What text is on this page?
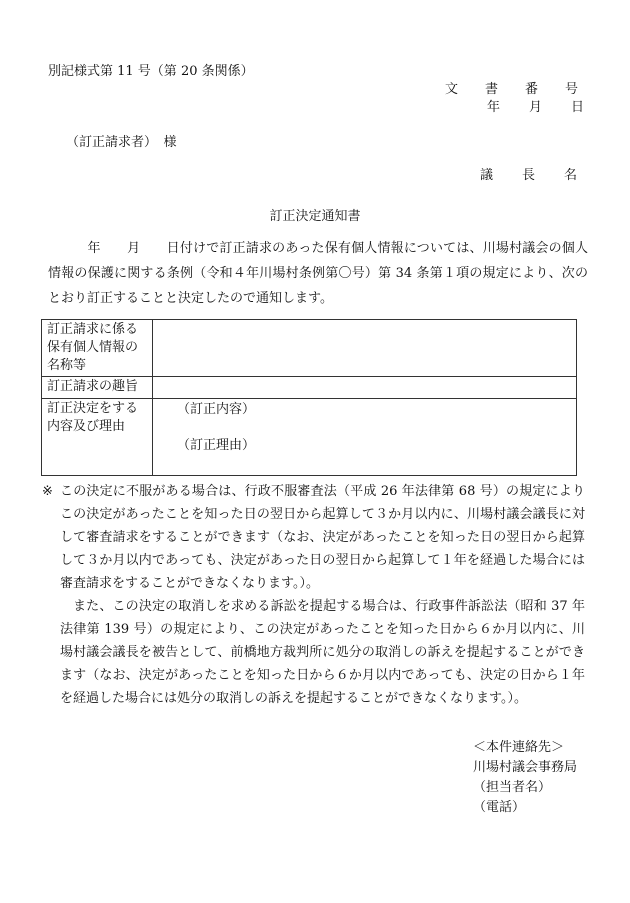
別記様式第 11 号（第 20 条関係）
文　書　番　号
年　　月　　日
（訂正請求者）　様
議　長　名
訂正決定通知書
　　　年　　月　　日付けで訂正請求のあった保有個人情報については、川場村議会の個人情報の保護に関する条例（令和４年川場村条例第〇号）第 34 条第１項の規定により、次のとおり訂正することと決定したので通知します。
訂正請求に係る保有個人情報の名称等	
訂正請求の趣旨	
訂正決定をする内容及び理由	（訂正内容）
（訂正理由）
※ この決定に不服がある場合は、行政不服審査法（平成 26 年法律第 68 号）の規定によりこの決定があったことを知った日の翌日から起算して３か月以内に、川場村議会議長に対して審査請求をすることができます（なお、決定があったことを知った日の翌日から起算して３か月以内であっても、決定があった日の翌日から起算して１年を経過した場合には審査請求をすることができなくなります。）。

また、この決定の取消しを求める訴訟を提起する場合は、行政事件訴訟法（昭和 37 年法律第 139 号）の規定により、この決定があったことを知った日から６か月以内に、川場村議会議長を被告として、前橋地方裁判所に処分の取消しの訴えを提起することができます（なお、決定があったことを知った日から６か月以内であっても、決定の日から１年を経過した場合には処分の取消しの訴えを提起することができなくなります。）。

＜本件連絡先＞
川場村議会事務局
（担当者名）
（電話）
